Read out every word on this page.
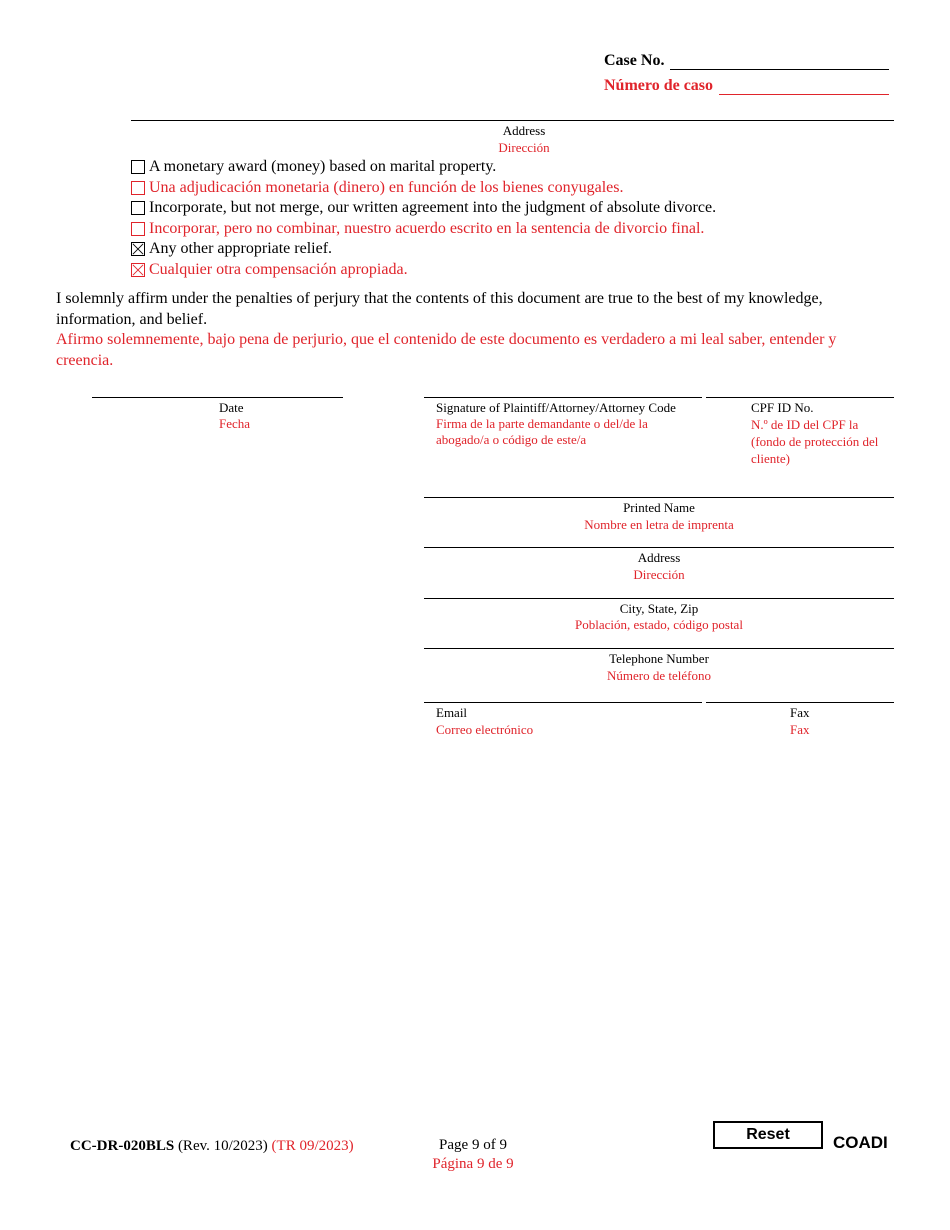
Case No.
Número de caso
Address
Dirección
A monetary award (money) based on marital property.
Una adjudicación monetaria (dinero) en función de los bienes conyugales.
Incorporate, but not merge, our written agreement into the judgment of absolute divorce.
Incorporar, pero no combinar, nuestro acuerdo escrito en la sentencia de divorcio final.
Any other appropriate relief.
Cualquier otra compensación apropiada.
I solemnly affirm under the penalties of perjury that the contents of this document are true to the best of my knowledge, information, and belief.
Afirmo solemnemente, bajo pena de perjurio, que el contenido de este documento es verdadero a mi leal saber, entender y creencia.
Date
Fecha
Signature of Plaintiff/Attorney/Attorney Code
Firma de la parte demandante o del/de la abogado/a o código de este/a
CPF ID No.
N.º de ID del CPF la (fondo de protección del cliente)
Printed Name
Nombre en letra de imprenta
Address
Dirección
City, State, Zip
Población, estado, código postal
Telephone Number
Número de teléfono
Email
Correo electrónico
Fax
Fax
CC-DR-020BLS (Rev. 10/2023) (TR 09/2023)	Page 9 of 9
Página 9 de 9
Reset	COADI
